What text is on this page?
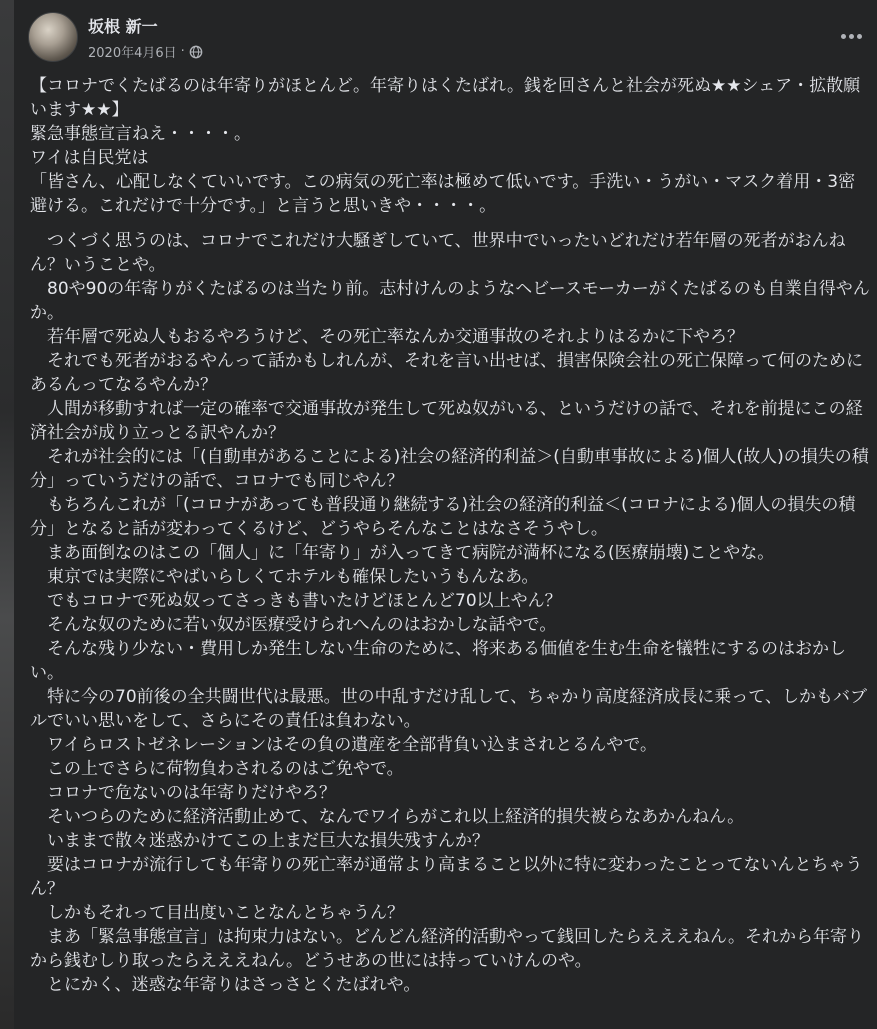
坂根 新一
2020年4月6日 ·

【コロナでくたばるのは年寄りがほとんど。年寄りはくたばれ。銭を回さんと社会が死ぬ★★シェア・拡散願います★★】

緊急事態宣言ねえ・・・・。

ワイは自民党は

「皆さん、心配しなくていいです。この病気の死亡率は極めて低いです。手洗い・うがい・マスク着用・3密避ける。これだけで十分です。」と言うと思いきや・・・・。

つくづく思うのは、コロナでこれだけ大騒ぎしていて、世界中でいったいどれだけ若年層の死者がおんねん？いうことや。

80や90の年寄りがくたばるのは当たり前。志村けんのようなヘビースモーカーがくたばるのも自業自得やんか。

若年層で死ぬ人もおるやろうけど、その死亡率なんか交通事故のそれよりはるかに下やろ？

それでも死者がおるやんって話かもしれんが、それを言い出せば、損害保険会社の死亡保障って何のためにあるんってなるやんか？

人間が移動すれば一定の確率で交通事故が発生して死ぬ奴がいる、というだけの話で、それを前提にこの経済社会が成り立っとる訳やんか？

それが社会的には「(自動車があることによる)社会の経済的利益＞(自動車事故による)個人(故人)の損失の積分」っていうだけの話で、コロナでも同じやん？

もちろんこれが「(コロナがあっても普段通り継続する)社会の経済的利益＜(コロナによる)個人の損失の積分」となると話が変わってくるけど、どうやらそんなことはなさそうやし。

まあ面倒なのはこの「個人」に「年寄り」が入ってきて病院が満杯になる(医療崩壊)ことやな。

東京では実際にやばいらしくてホテルも確保したいうもんなあ。

でもコロナで死ぬ奴ってさっきも書いたけどほとんど70以上やん？

そんな奴のために若い奴が医療受けられへんのはおかしな話やで。

そんな残り少ない・費用しか発生しない生命のために、将来ある価値を生む生命を犠牲にするのはおかしい。

特に今の70前後の全共闘世代は最悪。世の中乱すだけ乱して、ちゃかり高度経済成長に乗って、しかもバブルでいい思いをして、さらにその責任は負わない。

ワイらロストゼネレーションはその負の遺産を全部背負い込まされとるんやで。

この上でさらに荷物負わされるのはご免やで。

コロナで危ないのは年寄りだけやろ？

そいつらのために経済活動止めて、なんでワイらがこれ以上経済的損失被らなあかんねん。

いままで散々迷惑かけてこの上まだ巨大な損失残すんか？

要はコロナが流行しても年寄りの死亡率が通常より高まること以外に特に変わったことってないんとちゃうん？

しかもそれって目出度いことなんとちゃうん？

まあ「緊急事態宣言」は拘束力はない。どんどん経済的活動やって銭回したらえええねん。それから年寄りから銭むしり取ったらえええねん。どうせあの世には持っていけんのや。

とにかく、迷惑な年寄りはさっさとくたばれや。
